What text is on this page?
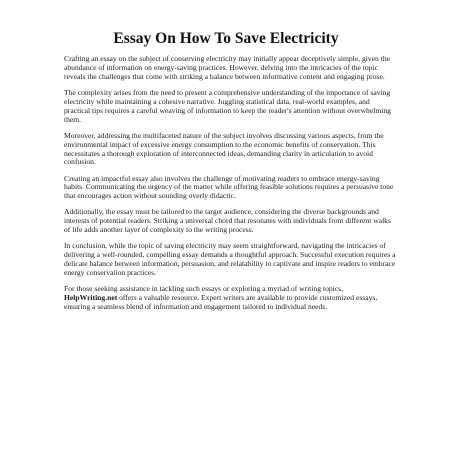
Essay On How To Save Electricity

Crafting an essay on the subject of conserving electricity may initially appear deceptively simple, given the abundance of information on energy-saving practices. However, delving into the intricacies of the topic reveals the challenges that come with striking a balance between informative content and engaging prose.

The complexity arises from the need to present a comprehensive understanding of the importance of saving electricity while maintaining a cohesive narrative. Juggling statistical data, real-world examples, and practical tips requires a careful weaving of information to keep the reader's attention without overwhelming them.

Moreover, addressing the multifaceted nature of the subject involves discussing various aspects, from the environmental impact of excessive energy consumption to the economic benefits of conservation. This necessitates a thorough exploration of interconnected ideas, demanding clarity in articulation to avoid confusion.

Creating an impactful essay also involves the challenge of motivating readers to embrace energy-saving habits. Communicating the urgency of the matter while offering feasible solutions requires a persuasive tone that encourages action without sounding overly didactic.

Additionally, the essay must be tailored to the target audience, considering the diverse backgrounds and interests of potential readers. Striking a universal chord that resonates with individuals from different walks of life adds another layer of complexity to the writing process.

In conclusion, while the topic of saving electricity may seem straightforward, navigating the intricacies of delivering a well-rounded, compelling essay demands a thoughtful approach. Successful execution requires a delicate balance between information, persuasion, and relatability to captivate and inspire readers to embrace energy conservation practices.

For those seeking assistance in tackling such essays or exploring a myriad of writing topics,
HelpWriting.net offers a valuable resource. Expert writers are available to provide customized essays, ensuring a seamless blend of information and engagement tailored to individual needs.
